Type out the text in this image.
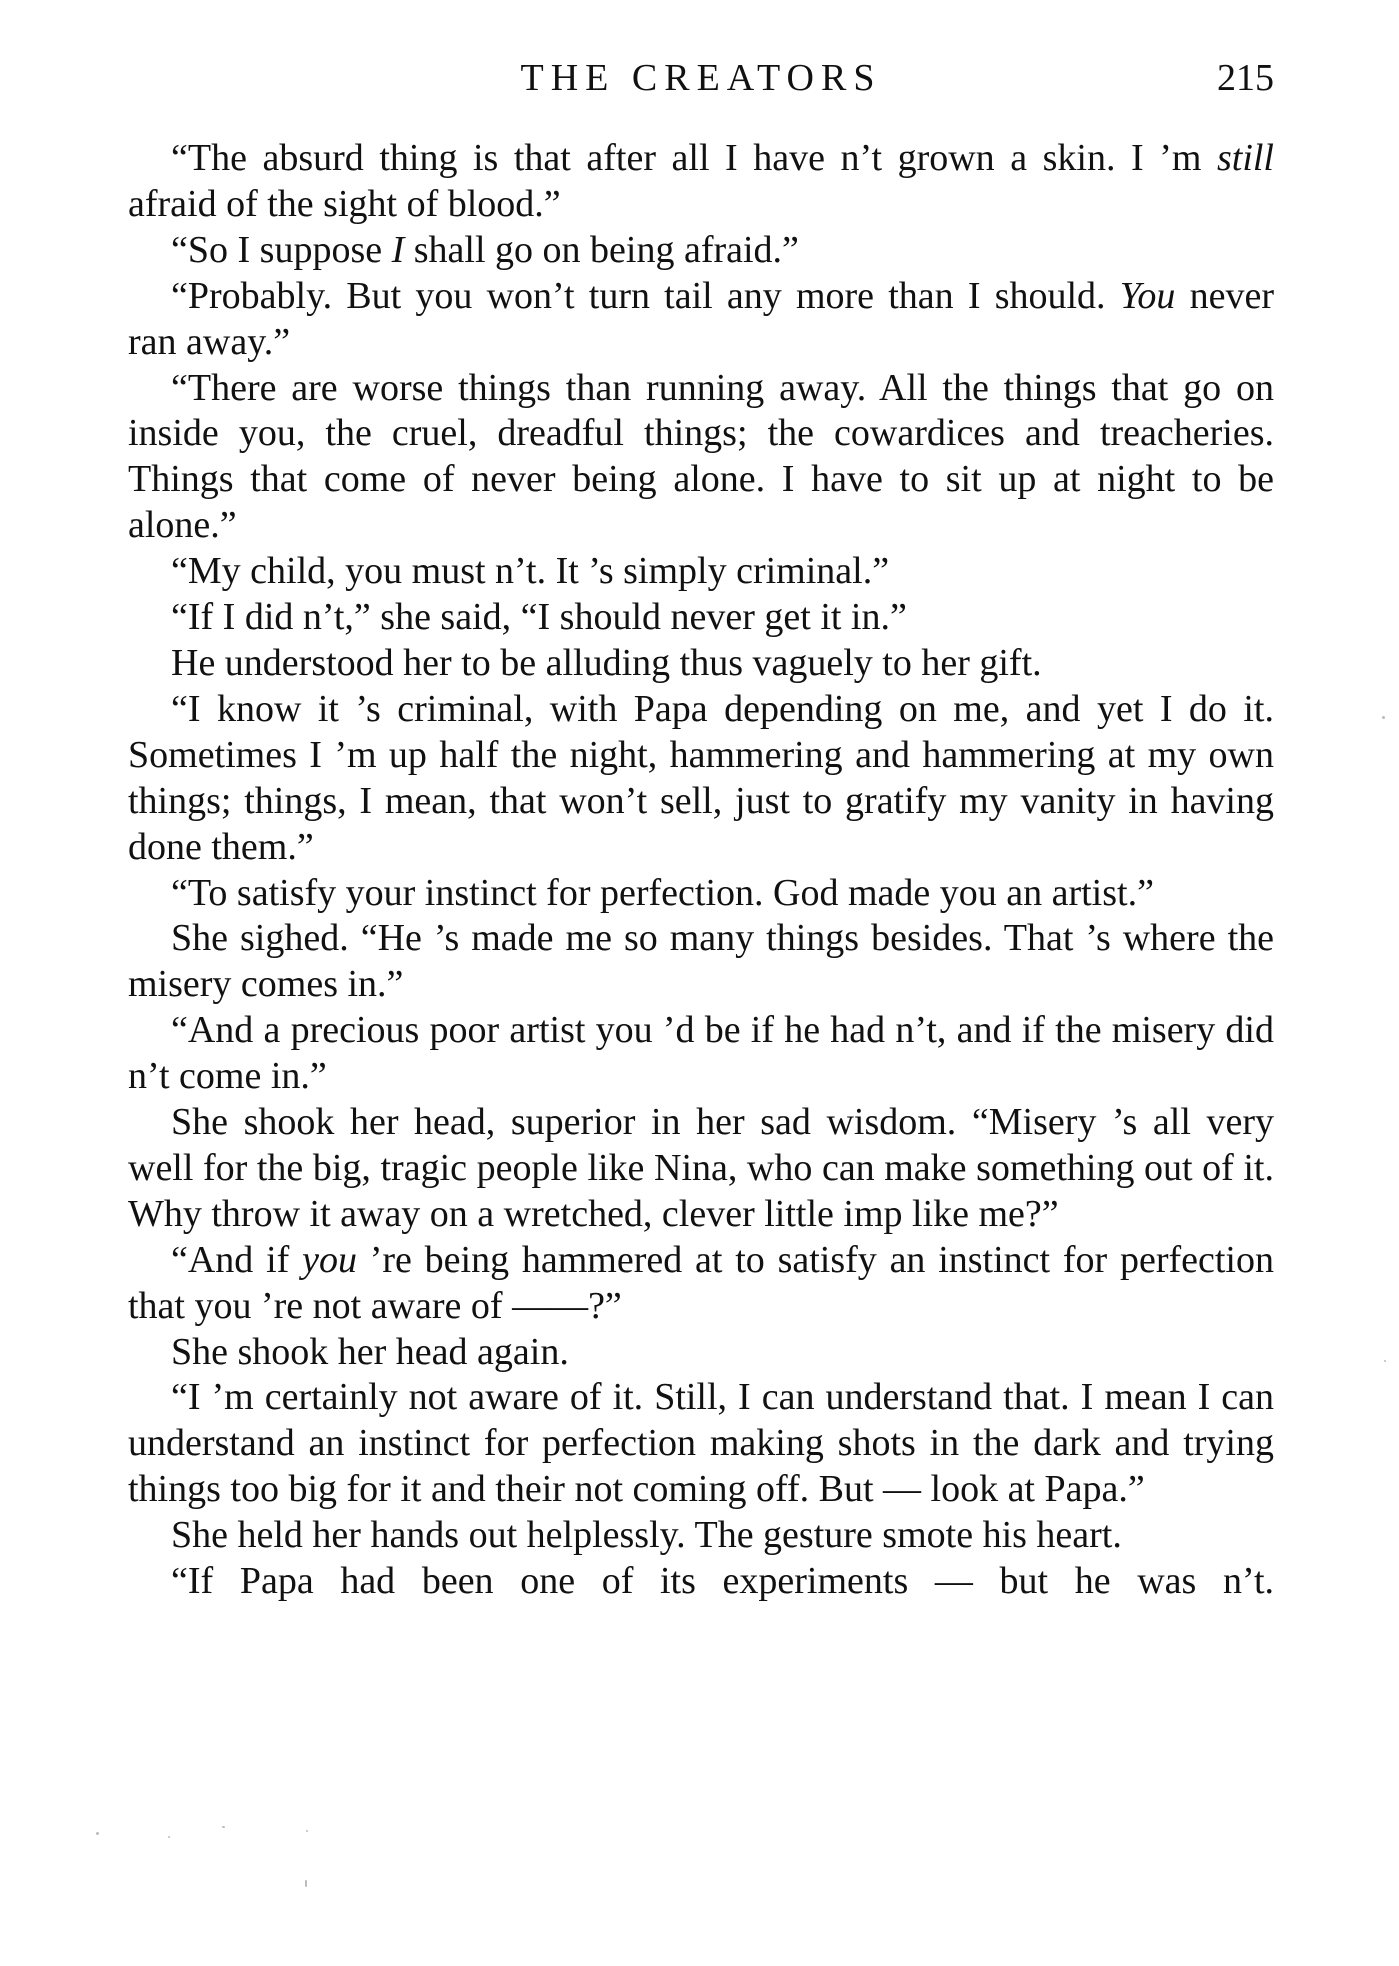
THE CREATORS	215

“The absurd thing is that after all I have n’t grown a skin. I ’m still afraid of the sight of blood.”

“So I suppose I shall go on being afraid.”

“Probably. But you won’t turn tail any more than I should. You never ran away.”

“There are worse things than running away. All the things that go on inside you, the cruel, dreadful things; the cowardices and treacheries. Things that come of never being alone. I have to sit up at night to be alone.”

“My child, you must n’t. It ’s simply criminal.”

“If I did n’t,” she said, “I should never get it in.”

He understood her to be alluding thus vaguely to her gift.

“I know it ’s criminal, with Papa depending on me, and yet I do it. Sometimes I ’m up half the night, hammering and hammering at my own things; things, I mean, that won’t sell, just to gratify my vanity in having done them.”

“To satisfy your instinct for perfection. God made you an artist.”

She sighed. “He ’s made me so many things besides. That ’s where the misery comes in.”

“And a precious poor artist you ’d be if he had n’t, and if the misery did n’t come in.”

She shook her head, superior in her sad wisdom. “Misery ’s all very well for the big, tragic people like Nina, who can make something out of it. Why throw it away on a wretched, clever little imp like me?”

“And if you ’re being hammered at to satisfy an instinct for perfection that you ’re not aware of ——?”

She shook her head again.

“I ’m certainly not aware of it. Still, I can understand that. I mean I can understand an instinct for perfection making shots in the dark and trying things too big for it and their not coming off. But — look at Papa.”

She held her hands out helplessly. The gesture smote his heart.

“If Papa had been one of its experiments — but he was n’t.
